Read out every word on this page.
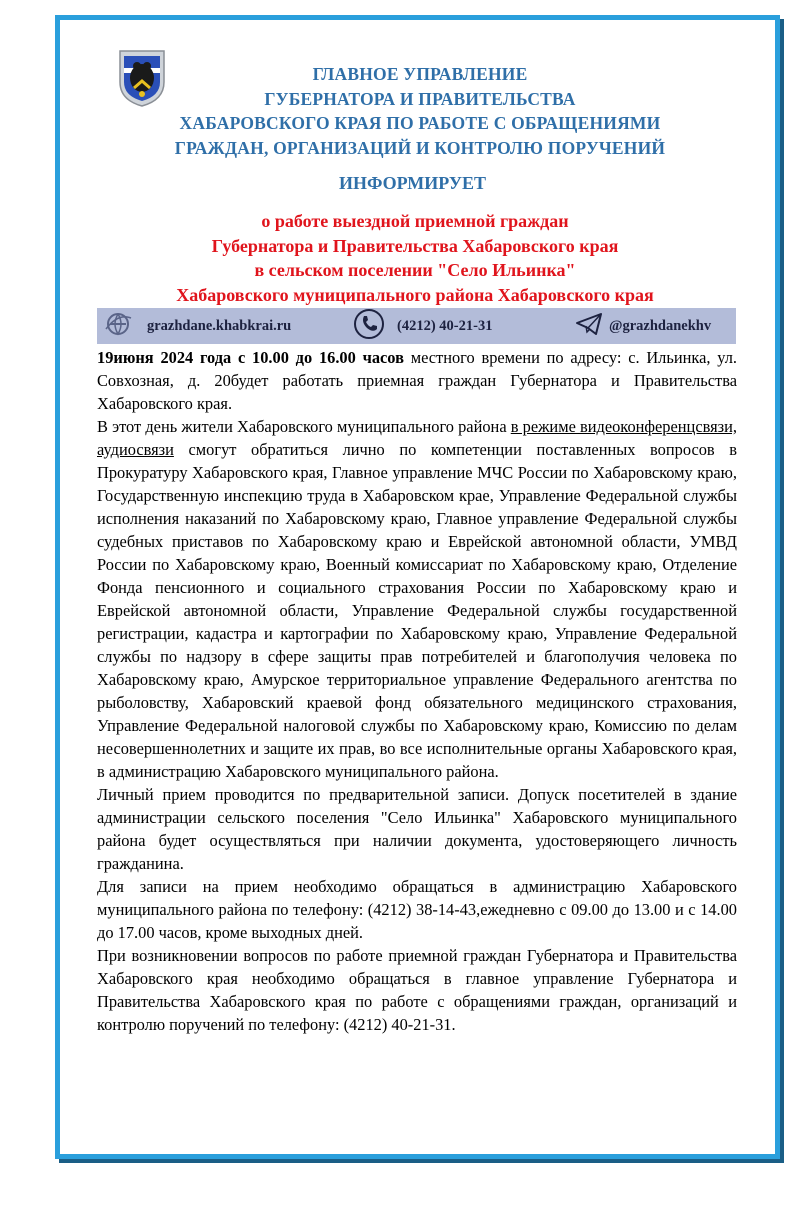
ГЛАВНОЕ УПРАВЛЕНИЕ
ГУБЕРНАТОРА И ПРАВИТЕЛЬСТВА
ХАБАРОВСКОГО КРАЯ ПО РАБОТЕ С ОБРАЩЕНИЯМИ
ГРАЖДАН, ОРГАНИЗАЦИЙ И КОНТРОЛЮ ПОРУЧЕНИЙ
ИНФОРМИРУЕТ
о работе выездной приемной граждан
Губернатора и Правительства Хабаровского края
в сельском поселении "Село Ильинка"
Хабаровского муниципального района Хабаровского края
grazhdane.khabkrai.ru	(4212) 40-21-31	@grazhdanekhv

19июня 2024 года с 10.00 до 16.00 часов местного времени по адресу: с. Ильинка, ул. Совхозная, д. 20будет работать приемная граждан Губернатора и Правительства Хабаровского края.

В этот день жители Хабаровского муниципального района в режиме видеоконференцсвязи, аудиосвязи смогут обратиться лично по компетенции поставленных вопросов в Прокуратуру Хабаровского края, Главное управление МЧС России по Хабаровскому краю, Государственную инспекцию труда в Хабаровском крае, Управление Федеральной службы исполнения наказаний по Хабаровскому краю, Главное управление Федеральной службы судебных приставов по Хабаровскому краю и Еврейской автономной области, УМВД России по Хабаровскому краю, Военный комиссариат по Хабаровскому краю, Отделение Фонда пенсионного и социального страхования России по Хабаровскому краю и Еврейской автономной области, Управление Федеральной службы государственной регистрации, кадастра и картографии по Хабаровскому краю, Управление Федеральной службы по надзору в сфере защиты прав потребителей и благополучия человека по Хабаровскому краю, Амурское территориальное управление Федерального агентства по рыболовству, Хабаровский краевой фонд обязательного медицинского страхования, Управление Федеральной налоговой службы по Хабаровскому краю, Комиссию по делам несовершеннолетних и защите их прав, во все исполнительные органы Хабаровского края, в администрацию Хабаровского муниципального района.

Личный прием проводится по предварительной записи. Допуск посетителей в здание администрации сельского поселения "Село Ильинка" Хабаровского муниципального района будет осуществляться при наличии документа, удостоверяющего личность гражданина.

Для записи на прием необходимо обращаться в администрацию Хабаровского муниципального района по телефону: (4212) 38-14-43,ежедневно с 09.00 до 13.00 и с 14.00 до 17.00 часов, кроме выходных дней.

При возникновении вопросов по работе приемной граждан Губернатора и Правительства Хабаровского края необходимо обращаться в главное управление Губернатора и Правительства Хабаровского края по работе с обращениями граждан, организаций и контролю поручений по телефону: (4212) 40-21-31.
